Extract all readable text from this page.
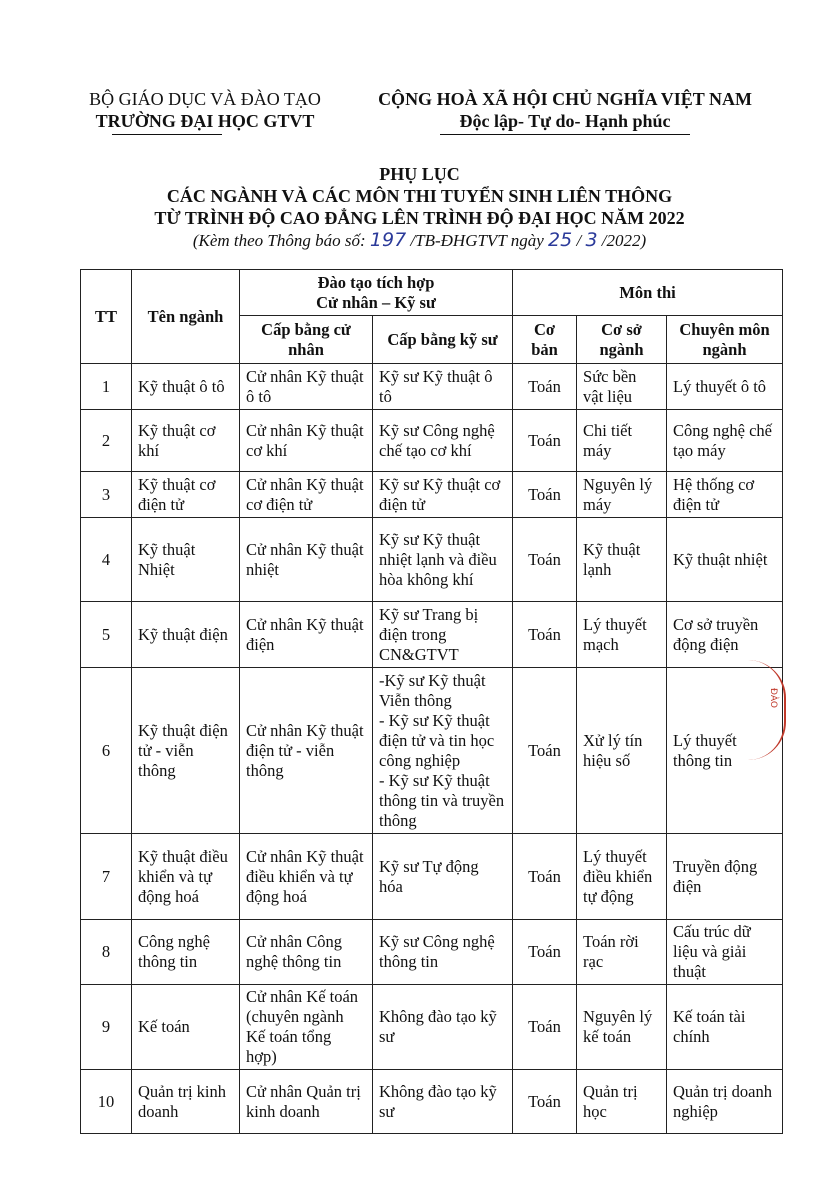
BỘ GIÁO DỤC VÀ ĐÀO TẠO
TRƯỜNG ĐẠI HỌC GTVT
CỘNG HOÀ XÃ HỘI CHỦ NGHĨA VIỆT NAM
Độc lập- Tự do- Hạnh phúc
PHỤ LỤC
CÁC NGÀNH VÀ CÁC MÔN THI TUYỂN SINH LIÊN THÔNG
TỪ TRÌNH ĐỘ CAO ĐẲNG LÊN TRÌNH ĐỘ ĐẠI HỌC NĂM 2022
(Kèm theo Thông báo số: 197 /TB-ĐHGTVT ngày 25 / 3 /2022)
TT	Tên ngành	Đào tạo tích hợp
Cử nhân – Kỹ sư		Môn thi		
		Cấp bằng cử nhân	Cấp bằng kỹ sư	Cơ bản	Cơ sở ngành	Chuyên môn ngành
1	Kỹ thuật ô tô	Cử nhân Kỹ thuật ô tô	Kỹ sư Kỹ thuật ô tô	Toán	Sức bền vật liệu	Lý thuyết ô tô
2	Kỹ thuật cơ khí	Cử nhân Kỹ thuật cơ khí	Kỹ sư Công nghệ chế tạo cơ khí	Toán	Chi tiết máy	Công nghệ chế tạo máy
3	Kỹ thuật cơ điện tử	Cử nhân Kỹ thuật cơ điện tử	Kỹ sư Kỹ thuật cơ điện tử	Toán	Nguyên lý máy	Hệ thống cơ điện tử
4	Kỹ thuật Nhiệt	Cử nhân Kỹ thuật nhiệt	Kỹ sư Kỹ thuật nhiệt lạnh và điều hòa không khí	Toán	Kỹ thuật lạnh	Kỹ thuật nhiệt
5	Kỹ thuật điện	Cử nhân Kỹ thuật điện	Kỹ sư Trang bị điện trong CN&GTVT	Toán	Lý thuyết mạch	Cơ sở truyền động điện
6	Kỹ thuật điện tử - viễn thông	Cử nhân Kỹ thuật điện tử - viễn thông	-Kỹ sư Kỹ thuật Viễn thông
- Kỹ sư Kỹ thuật điện tử và tin học công nghiệp
- Kỹ sư Kỹ thuật thông tin và truyền thông	Toán	Xử lý tín hiệu số	Lý thuyết thông tin
7	Kỹ thuật điều khiển và tự động hoá	Cử nhân Kỹ thuật điều khiển và tự động hoá	Kỹ sư Tự động hóa	Toán	Lý thuyết điều khiển tự động	Truyền động điện
8	Công nghệ thông tin	Cử nhân Công nghệ thông tin	Kỹ sư Công nghệ thông tin	Toán	Toán rời rạc	Cấu trúc dữ liệu và giải thuật
9	Kế toán	Cử nhân Kế toán (chuyên ngành Kế toán tổng hợp)	Không đào tạo kỹ sư	Toán	Nguyên lý kế toán	Kế toán tài chính
10	Quản trị kinh doanh	Cử nhân Quản trị kinh doanh	Không đào tạo kỹ sư	Toán	Quản trị học	Quản trị doanh nghiệp
ĐÀO
